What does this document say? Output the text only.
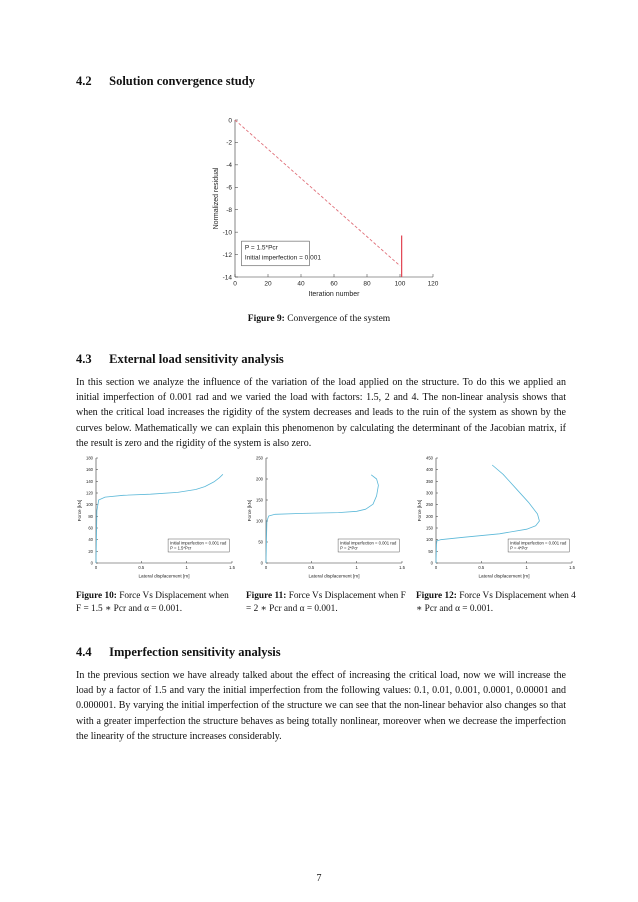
4.2 Solution convergence study
0	20	40	60	80	100	120
0
-2
-4
-6
-8
-10
-12
-14
Iteration number
Normalized residual
P = 1.5*Pcr
Initial imperfection = 0.001
Figure 9: Convergence of the system
4.3 External load sensitivity analysis
In this section we analyze the influence of the variation of the load applied on the structure. To do this we applied an initial imperfection of 0.001 rad and we varied the load with factors: 1.5, 2 and 4. The non-linear analysis shows that when the critical load increases the rigidity of the system decreases and leads to the ruin of the system as shown by the curves below. Mathematically we can explain this phenomenon by calculating the determinant of the Jacobian matrix, if the result is zero and the rigidity of the system is also zero.
0	0.5	1	1.5
0
20
40
60
80
100
120
140
160
180
Lateral displacement [m]
Force [kN]
Initial imperfection = 0.001 rad
P = 1.5*Pcr
0	0.5	1	1.5
0
50
100
150
200
250
Lateral displacement [m]
Force [kN]
Initial imperfection = 0.001 rad
P = 2*Pcr
0	0.5	1	1.5
0
50
100
150
200
250
300
350
400
450
Lateral displacement [m]
Force [kN]
Initial imperfection = 0.001 rad
P = 4*Pcr
Figure 10: Force Vs Displacement when F = 1.5 ∗ Pcr and α = 0.001.
Figure 11: Force Vs Displacement when F = 2 ∗ Pcr and α = 0.001.
Figure 12: Force Vs Displacement when 4 ∗ Pcr and α = 0.001.
4.4 Imperfection sensitivity analysis
In the previous section we have already talked about the effect of increasing the critical load, now we will increase the load by a factor of 1.5 and vary the initial imperfection from the following values: 0.1, 0.01, 0.001, 0.0001, 0.00001 and 0.000001. By varying the initial imperfection of the structure we can see that the non-linear behavior also changes so that with a greater imperfection the structure behaves as being totally nonlinear, moreover when we decrease the imperfection the linearity of the structure increases considerably.
7
